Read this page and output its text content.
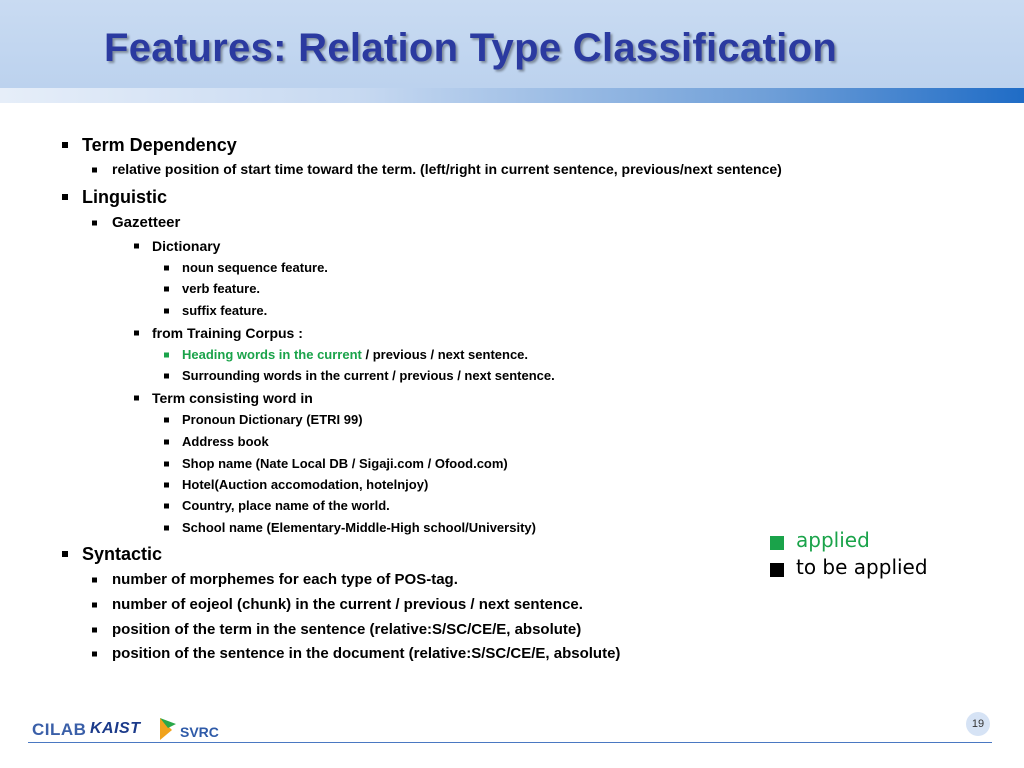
Features: Relation Type Classification
Term Dependency
relative position of start time toward the term. (left/right in current sentence, previous/next sentence)
Linguistic
Gazetteer
Dictionary
noun sequence feature.
verb feature.
suffix feature.
from Training Corpus :
Heading words in the current / previous / next sentence.
Surrounding words in the current / previous / next sentence.
Term consisting word in
Pronoun Dictionary (ETRI 99)
Address book
Shop name (Nate Local DB / Sigaji.com / Ofood.com)
Hotel(Auction accomodation, hotelnjoy)
Country, place name of the world.
School name (Elementary-Middle-High school/University)
Syntactic
number of morphemes for each type of POS-tag.
number of eojeol (chunk) in the current / previous / next sentence.
position of the term in the sentence (relative:S/SC/CE/E, absolute)
position of the sentence in the document (relative:S/SC/CE/E, absolute)
applied
to be applied
CILAB KAIST	SVRC	19
